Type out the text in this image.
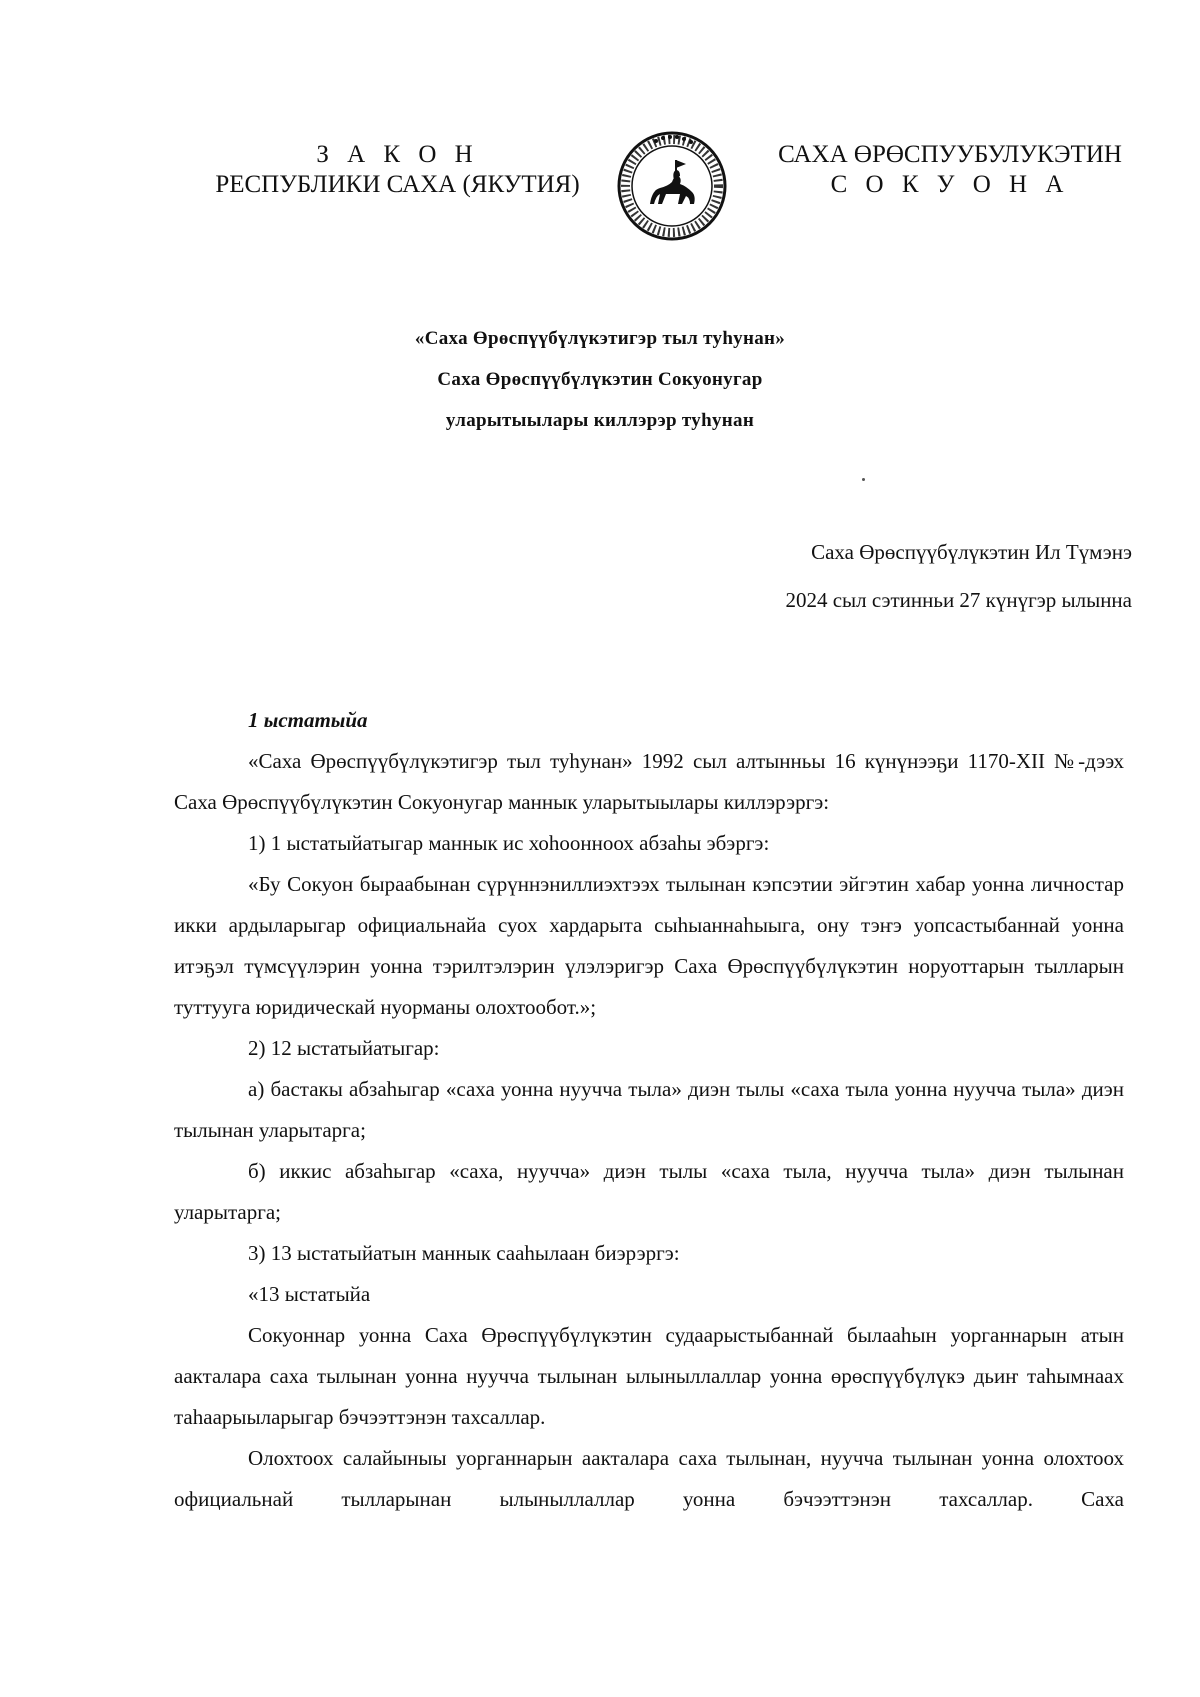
З А К О Н
РЕСПУБЛИКИ САХА (ЯКУТИЯ)
САХА ӨРӨСПУУБУЛУКЭТИН
С О К У О Н А
«Саха Өрөспүүбүлүкэтигэр тыл туһунан»
Саха Өрөспүүбүлүкэтин Сокуонугар
уларытыылары киллэрэр туһунан
Саха Өрөспүүбүлүкэтин Ил Түмэнэ
2024 сыл сэтинньи 27 күнүгэр ылынна

1 ыстатыйа

«Саха Өрөспүүбүлүкэтигэр тыл туһунан» 1992 сыл алтынньы 16 күнүнээҕи 1170-XII №-дээх Саха Өрөспүүбүлүкэтин Сокуонугар маннык уларытыылары киллэрэргэ:

1) 1 ыстатыйатыгар маннык ис хоһоонноох абзаһы эбэргэ:

«Бу Сокуон быраабынан сүрүннэниллиэхтээх тылынан кэпсэтии эйгэтин хабар уонна личностар икки ардыларыгар официальнайа суох хардарыта сыһыаннаһыыга, ону тэҥэ уопсастыбаннай уонна итэҕэл түмсүүлэрин уонна тэрилтэлэрин үлэлэригэр Саха Өрөспүүбүлүкэтин норуоттарын тылларын туттууга юридическай нуорманы олохтообот.»;

2) 12 ыстатыйатыгар:

а) бастакы абзаһыгар «саха уонна нуучча тыла» диэн тылы «саха тыла уонна нуучча тыла» диэн тылынан уларытарга;

б) иккис абзаһыгар «саха, нуучча» диэн тылы «саха тыла, нуучча тыла» диэн тылынан уларытарга;

3) 13 ыстатыйатын маннык сааһылаан биэрэргэ:

«13 ыстатыйа

Сокуоннар уонна Саха Өрөспүүбүлүкэтин судаарыстыбаннай былааһын уорганнарын атын аакталара саха тылынан уонна нуучча тылынан ылыныллаллар уонна өрөспүүбүлүкэ дьиҥ таһымнаах таһаарыыларыгар бэчээттэнэн тахсаллар.

Олохтоох салайыныы уорганнарын аакталара саха тылынан, нуучча тылынан уонна олохтоох официальнай тылларынан ылыныллаллар уонна бэчээттэнэн тахсаллар. Саха
